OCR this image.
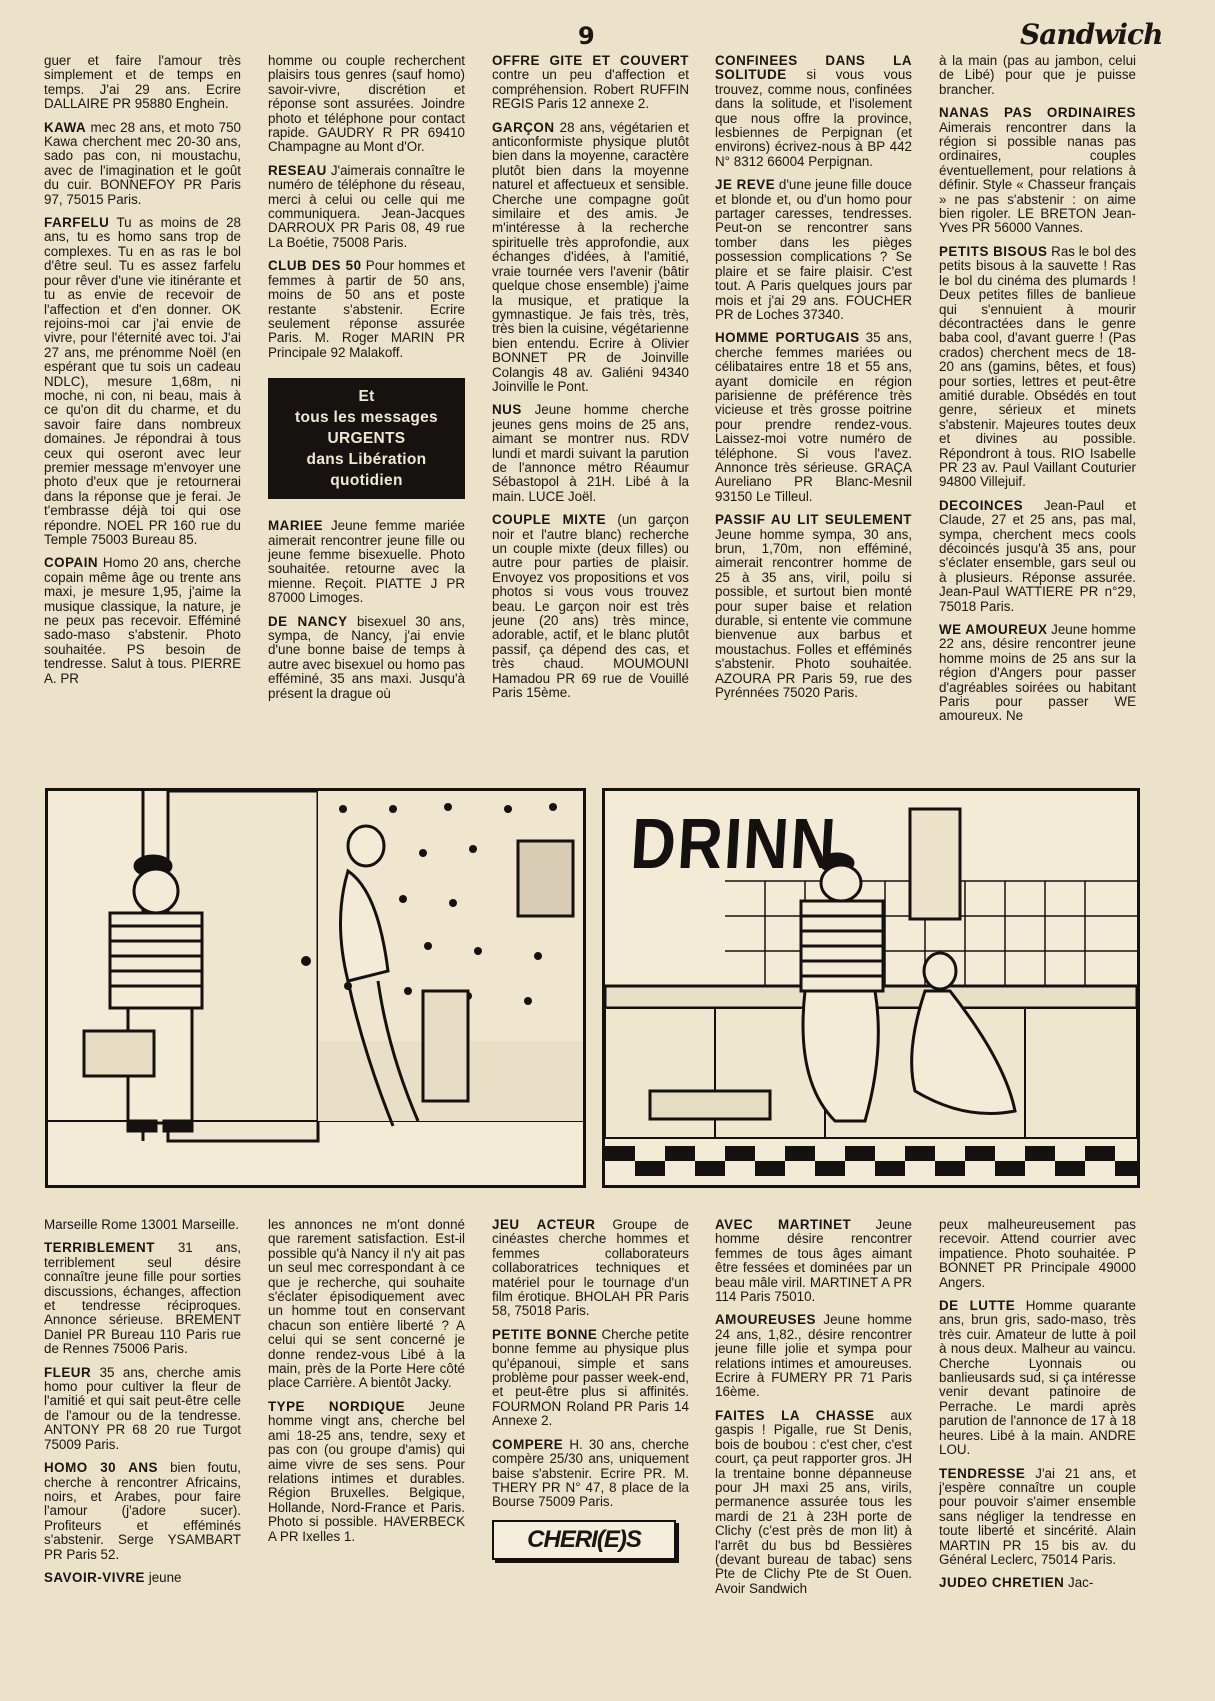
9	Sandwich

guer et faire l'amour très simplement et de temps en temps. J'ai 29 ans. Ecrire DALLAIRE PR 95880 Enghein.

KAWA mec 28 ans, et moto 750 Kawa cherchent mec 20-30 ans, sado pas con, ni moustachu, avec de l'imagination et le goût du cuir. BONNEFOY PR Paris 97, 75015 Paris.

FARFELU Tu as moins de 28 ans, tu es homo sans trop de complexes. Tu en as ras le bol d'être seul. Tu es assez farfelu pour rêver d'une vie itinérante et tu as envie de recevoir de l'affection et d'en donner. OK rejoins-moi car j'ai envie de vivre, pour l'éternité avec toi. J'ai 27 ans, me prénomme Noël (en espérant que tu sois un cadeau NDLC), mesure 1,68m, ni moche, ni con, ni beau, mais à ce qu'on dit du charme, et du savoir faire dans nombreux domaines. Je répondrai à tous ceux qui oseront avec leur premier message m'envoyer une photo d'eux que je retournerai dans la réponse que je ferai. Je t'embrasse déjà toi qui ose répondre. NOEL PR 160 rue du Temple 75003 Bureau 85.

COPAIN Homo 20 ans, cherche copain même âge ou trente ans maxi, je mesure 1,95, j'aime la musique classique, la nature, je ne peux pas recevoir. Efféminé sado-maso s'abstenir. Photo souhaitée. PS besoin de tendresse. Salut à tous. PIERRE A. PR

homme ou couple recherchent plaisirs tous genres (sauf homo) savoir-vivre, discrétion et réponse sont assurées. Joindre photo et téléphone pour contact rapide. GAUDRY R PR 69410 Champagne au Mont d'Or.

RESEAU J'aimerais connaître le numéro de téléphone du réseau, merci à celui ou celle qui me communiquera. Jean-Jacques DARROUX PR Paris 08, 49 rue La Boétie, 75008 Paris.

CLUB DES 50 Pour hommes et femmes à partir de 50 ans, moins de 50 ans et poste restante s'abstenir. Ecrire seulement réponse assurée Paris. M. Roger MARIN PR Principale 92 Malakoff.

Et
tous les messages
URGENTS
dans Libération
quotidien

MARIEE Jeune femme mariée aimerait rencontrer jeune fille ou jeune femme bisexuelle. Photo souhaitée. retourne avec la mienne. Reçoit. PIATTE J PR 87000 Limoges.

DE NANCY bisexuel 30 ans, sympa, de Nancy, j'ai envie d'une bonne baise de temps à autre avec bisexuel ou homo pas efféminé, 35 ans maxi. Jusqu'à présent la drague où

OFFRE GITE ET COUVERT contre un peu d'affection et compréhension. Robert RUFFIN REGIS Paris 12 annexe 2.

GARÇON 28 ans, végétarien et anticonformiste physique plutôt bien dans la moyenne, caractère plutôt bien dans la moyenne naturel et affectueux et sensible. Cherche une compagne goût similaire et des amis. Je m'intéresse à la recherche spirituelle très approfondie, aux échanges d'idées, à l'amitié, vraie tournée vers l'avenir (bâtir quelque chose ensemble) j'aime la musique, et pratique la gymnastique. Je fais très, très, très bien la cuisine, végétarienne bien entendu. Ecrire à Olivier BONNET PR de Joinville Colangis 48 av. Galiéni 94340 Joinville le Pont.

NUS Jeune homme cherche jeunes gens moins de 25 ans, aimant se montrer nus. RDV lundi et mardi suivant la parution de l'annonce métro Réaumur Sébastopol à 21H. Libé à la main. LUCE Joël.

COUPLE MIXTE (un garçon noir et l'autre blanc) recherche un couple mixte (deux filles) ou autre pour parties de plaisir. Envoyez vos propositions et vos photos si vous vous trouvez beau. Le garçon noir est très jeune (20 ans) très mince, adorable, actif, et le blanc plutôt passif, ça dépend des cas, et très chaud. MOUMOUNI Hamadou PR 69 rue de Vouillé Paris 15ème.

CONFINEES DANS LA SOLITUDE si vous vous trouvez, comme nous, confinées dans la solitude, et l'isolement que nous offre la province, lesbiennes de Perpignan (et environs) écrivez-nous à BP 442 N° 8312 66004 Perpignan.

JE REVE d'une jeune fille douce et blonde et, ou d'un homo pour partager caresses, tendresses. Peut-on se rencontrer sans tomber dans les pièges possession complications ? Se plaire et se faire plaisir. C'est tout. A Paris quelques jours par mois et j'ai 29 ans. FOUCHER PR de Loches 37340.

HOMME PORTUGAIS 35 ans, cherche femmes mariées ou célibataires entre 18 et 55 ans, ayant domicile en région parisienne de préférence très vicieuse et très grosse poitrine pour prendre rendez-vous. Laissez-moi votre numéro de téléphone. Si vous l'avez. Annonce très sérieuse. GRAÇA Aureliano PR Blanc-Mesnil 93150 Le Tilleul.

PASSIF AU LIT SEULEMENT Jeune homme sympa, 30 ans, brun, 1,70m, non efféminé, aimerait rencontrer homme de 25 à 35 ans, viril, poilu si possible, et surtout bien monté pour super baise et relation durable, si entente vie commune bienvenue aux barbus et moustachus. Folles et efféminés s'abstenir. Photo souhaitée. AZOURA PR Paris 59, rue des Pyrénnées 75020 Paris.

à la main (pas au jambon, celui de Libé) pour que je puisse brancher.

NANAS PAS ORDINAIRES Aimerais rencontrer dans la région si possible nanas pas ordinaires, couples éventuellement, pour relations à définir. Style « Chasseur français » ne pas s'abstenir : on aime bien rigoler. LE BRETON Jean-Yves PR 56000 Vannes.

PETITS BISOUS Ras le bol des petits bisous à la sauvette ! Ras le bol du cinéma des plumards ! Deux petites filles de banlieue qui s'ennuient à mourir décontractées dans le genre baba cool, d'avant guerre ! (Pas crados) cherchent mecs de 18-20 ans (gamins, bêtes, et fous) pour sorties, lettres et peut-être amitié durable. Obsédés en tout genre, sérieux et minets s'abstenir. Majeures toutes deux et divines au possible. Répondront à tous. RIO Isabelle PR 23 av. Paul Vaillant Couturier 94800 Villejuif.

DECOINCES Jean-Paul et Claude, 27 et 25 ans, pas mal, sympa, cherchent mecs cools décoincés jusqu'à 35 ans, pour s'éclater ensemble, gars seul ou à plusieurs. Réponse assurée. Jean-Paul WATTIERE PR n°29, 75018 Paris.

WE AMOUREUX Jeune homme 22 ans, désire rencontrer jeune homme moins de 25 ans sur la région d'Angers pour passer d'agréables soirées ou habitant Paris pour passer WE amoureux. Ne

DRINN

Marseille Rome 13001 Marseille.

TERRIBLEMENT 31 ans, terriblement seul désire connaître jeune fille pour sorties discussions, échanges, affection et tendresse réciproques. Annonce sérieuse. BREMENT Daniel PR Bureau 110 Paris rue de Rennes 75006 Paris.

FLEUR 35 ans, cherche amis homo pour cultiver la fleur de l'amitié et qui sait peut-être celle de l'amour ou de la tendresse. ANTONY PR 68 20 rue Turgot 75009 Paris.

HOMO 30 ANS bien foutu, cherche à rencontrer Africains, noirs, et Arabes, pour faire l'amour (j'adore sucer). Profiteurs et efféminés s'abstenir. Serge YSAMBART PR Paris 52.

SAVOIR-VIVRE jeune

les annonces ne m'ont donné que rarement satisfaction. Est-il possible qu'à Nancy il n'y ait pas un seul mec correspondant à ce que je recherche, qui souhaite s'éclater épisodiquement avec un homme tout en conservant chacun son entière liberté ? A celui qui se sent concerné je donne rendez-vous Libé à la main, près de la Porte Here côté place Carrière. A bientôt Jacky.

TYPE NORDIQUE Jeune homme vingt ans, cherche bel ami 18-25 ans, tendre, sexy et pas con (ou groupe d'amis) qui aime vivre de ses sens. Pour relations intimes et durables. Région Bruxelles. Belgique, Hollande, Nord-France et Paris. Photo si possible. HAVERBECK A PR Ixelles 1.

JEU ACTEUR Groupe de cinéastes cherche hommes et femmes collaborateurs collaboratrices techniques et matériel pour le tournage d'un film érotique. BHOLAH PR Paris 58, 75018 Paris.

PETITE BONNE Cherche petite bonne femme au physique plus qu'épanoui, simple et sans problème pour passer week-end, et peut-être plus si affinités. FOURMON Roland PR Paris 14 Annexe 2.

COMPERE H. 30 ans, cherche compère 25/30 ans, uniquement baise s'abstenir. Ecrire PR. M. THERY PR N° 47, 8 place de la Bourse 75009 Paris.

CHERI(E)S

AVEC MARTINET Jeune homme désire rencontrer femmes de tous âges aimant être fessées et dominées par un beau mâle viril. MARTINET A PR 114 Paris 75010.

AMOUREUSES Jeune homme 24 ans, 1,82., désire rencontrer jeune fille jolie et sympa pour relations intimes et amoureuses. Ecrire à FUMERY PR 71 Paris 16ème.

FAITES LA CHASSE aux gaspis ! Pigalle, rue St Denis, bois de boubou : c'est cher, c'est court, ça peut rapporter gros. JH la trentaine bonne dépanneuse pour JH maxi 25 ans, virils, permanence assurée tous les mardi de 21 à 23H porte de Clichy (c'est près de mon lit) à l'arrêt du bus bd Bessières (devant bureau de tabac) sens Pte de Clichy Pte de St Ouen. Avoir Sandwich

peux malheureusement pas recevoir. Attend courrier avec impatience. Photo souhaitée. P BONNET PR Principale 49000 Angers.

DE LUTTE Homme quarante ans, brun gris, sado-maso, très très cuir. Amateur de lutte à poil à nous deux. Malheur au vaincu. Cherche Lyonnais ou banlieusards sud, si ça intéresse venir devant patinoire de Perrache. Le mardi après parution de l'annonce de 17 à 18 heures. Libé à la main. ANDRE LOU.

TENDRESSE J'ai 21 ans, et j'espère connaître un couple pour pouvoir s'aimer ensemble sans négliger la tendresse en toute liberté et sincérité. Alain MARTIN PR 15 bis av. du Général Leclerc, 75014 Paris.

JUDEO CHRETIEN Jac-
